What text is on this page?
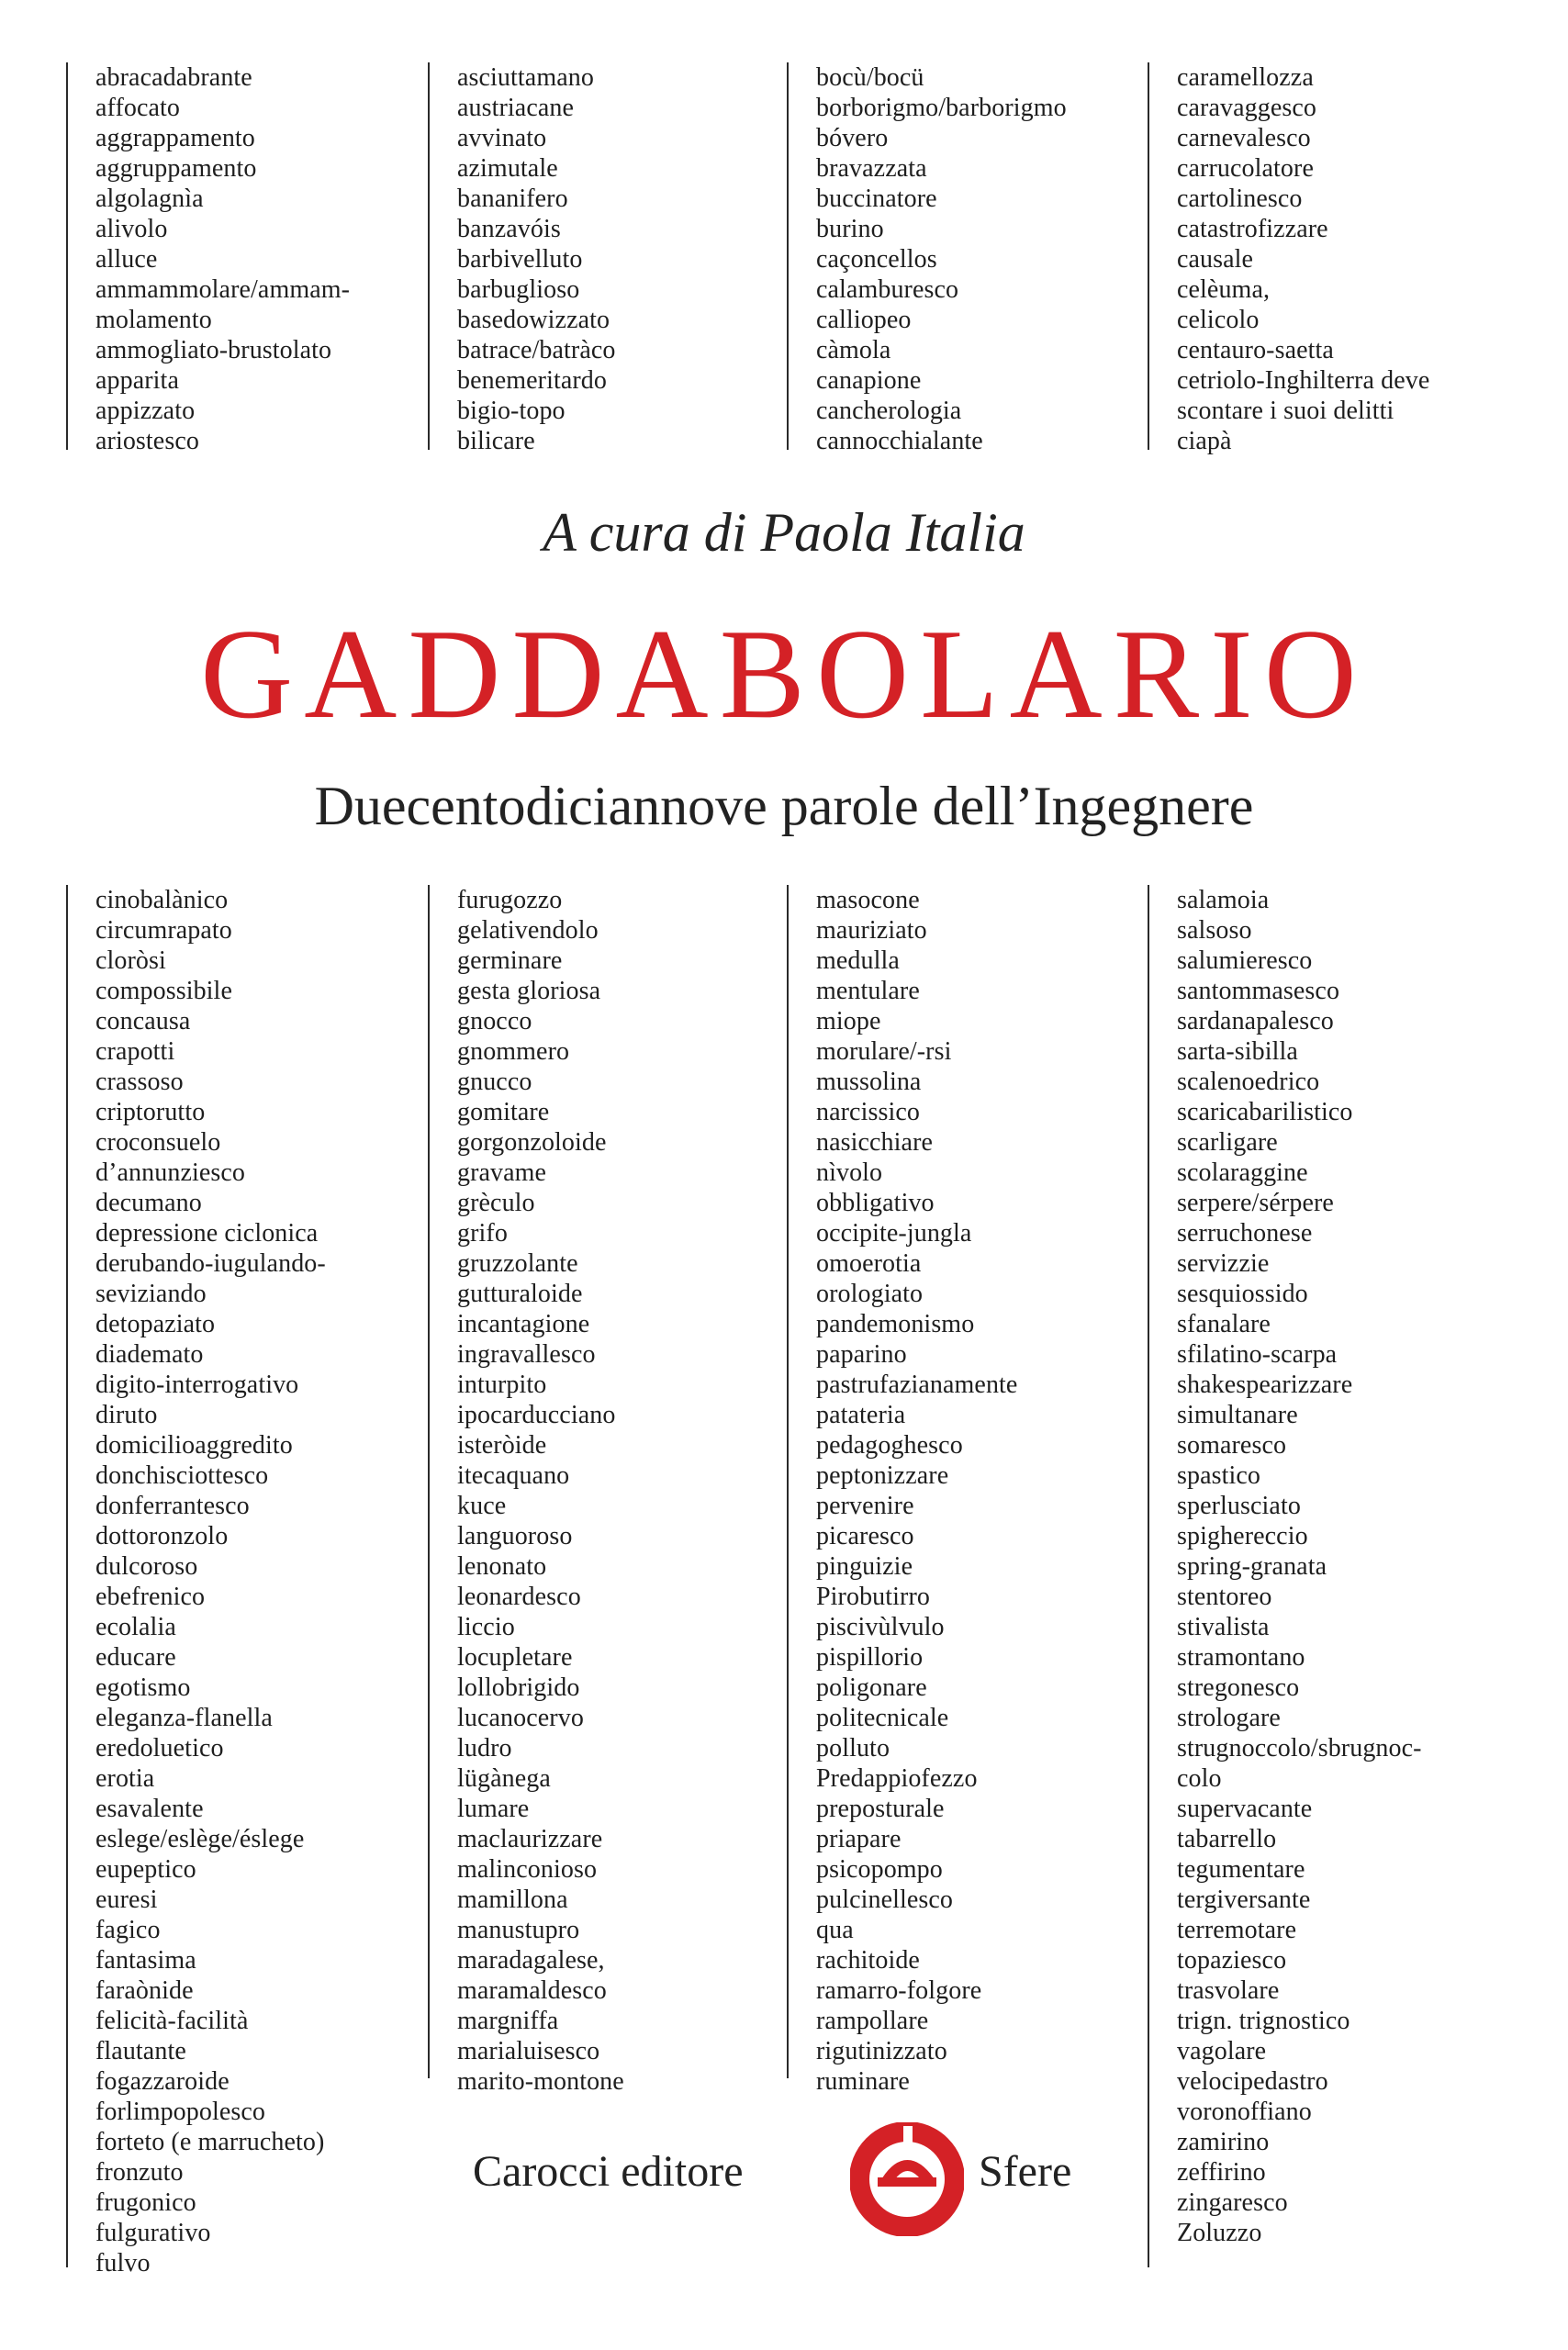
abracadabrante
affocato
aggrappamento
aggruppamento
algolagnìa
alivolo
alluce
ammammolare/ammam-
molamento
ammogliato-brustolato
apparita
appizzato
ariostesco
asciuttamano
austriacane
avvinato
azimutale
bananifero
banzavóis
barbivelluto
barbuglioso
basedowizzato
batrace/batràco
benemeritardo
bigio-topo
bilicare
bocù/bocü
borborigmo/barborigmo
bóvero
bravazzata
buccinatore
burino
caçoncellos
calamburesco
calliopeo
càmola
canapione
cancherologia
cannocchialante
caramellozza
caravaggesco
carnevalesco
carrucolatore
cartolinesco
catastrofizzare
causale
celèuma,
celicolo
centauro-saetta
cetriolo-Inghilterra deve
scontare i suoi delitti
ciapà
A cura di Paola Italia
GADDABOLARIO
Duecentodiciannove parole dell’Ingegnere
cinobalànico
circumrapato
cloròsi
compossibile
concausa
crapotti
crassoso
criptorutto
croconsuelo
d’annunziesco
decumano
depressione ciclonica
derubando-iugulando-
seviziando
detopaziato
diademato
digito-interrogativo
diruto
domicilioaggredito
donchisciottesco
donferrantesco
dottoronzolo
dulcoroso
ebefrenico
ecolalia
educare
egotismo
eleganza-flanella
eredoluetico
erotia
esavalente
eslege/eslège/éslege
eupeptico
euresi
fagico
fantasima
faraònide
felicità-facilità
flautante
fogazzaroide
forlimpopolesco
forteto (e marrucheto)
fronzuto
frugonico
fulgurativo
fulvo
furugozzo
gelativendolo
germinare
gesta gloriosa
gnocco
gnommero
gnucco
gomitare
gorgonzoloide
gravame
grèculo
grifo
gruzzolante
gutturaloide
incantagione
ingravallesco
inturpito
ipocarducciano
isteròide
itecaquano
kuce
languoroso
lenonato
leonardesco
liccio
locupletare
lollobrigido
lucanocervo
ludro
lügànega
lumare
maclaurizzare
malinconioso
mamillona
manustupro
maradagalese,
maramaldesco
margniffa
marialuisesco
marito-montone
masocone
mauriziato
medulla
mentulare
miope
morulare/-rsi
mussolina
narcissico
nasicchiare
nìvolo
obbligativo
occipite-jungla
omoerotia
orologiato
pandemonismo
paparino
pastrufazianamente
patateria
pedagoghesco
peptonizzare
pervenire
picaresco
pinguizie
Pirobutirro
piscivùlvulo
pispillorio
poligonare
politecnicale
polluto
Predappiofezzo
preposturale
priapare
psicopompo
pulcinellesco
qua
rachitoide
ramarro-folgore
rampollare
rigutinizzato
ruminare
salamoia
salsoso
salumieresco
santommasesco
sardanapalesco
sarta-sibilla
scalenoedrico
scaricabarilistico
scarligare
scolaraggine
serpere/sérpere
serruchonese
servizzie
sesquiossido
sfanalare
sfilatino-scarpa
shakespearizzare
simultanare
somaresco
spastico
sperlusciato
spighereccio
spring-granata
stentoreo
stivalista
stramontano
stregonesco
strologare
strugnoccolo/sbrugnoc-
colo
supervacante
tabarrello
tegumentare
tergiversante
terremotare
topaziesco
trasvolare
trign. trignostico
vagolare
velocipedastro
voronoffiano
zamirino
zeffirino
zingaresco
Zoluzzo
Carocci editore	Sfere
